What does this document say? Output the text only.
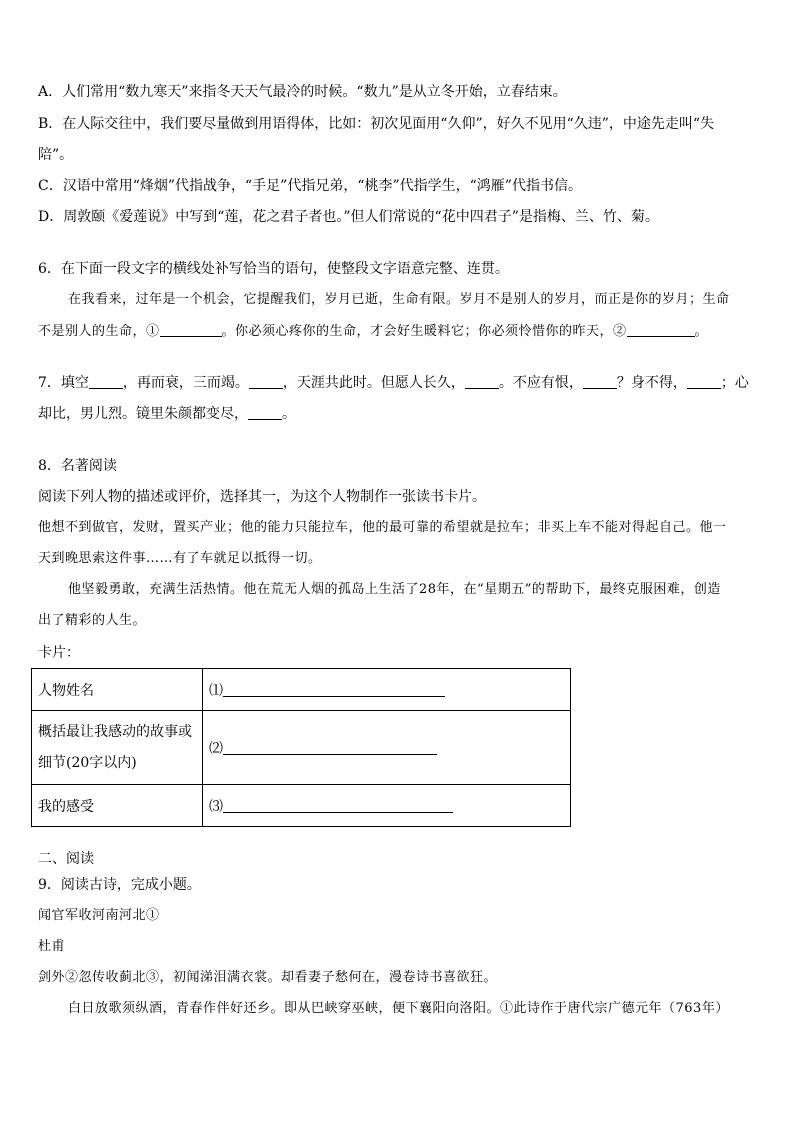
A．人们常用“数九寒天”来指冬天天气最冷的时候。“数九”是从立冬开始，立春结束。
B．在人际交往中，我们要尽量做到用语得体，比如：初次见面用“久仰”，好久不见用“久违”，中途先走叫“失
陪”。
C．汉语中常用“烽烟”代指战争，“手足”代指兄弟，“桃李”代指学生，“鸿雁”代指书信。
D．周敦颐《爱莲说》中写到“莲，花之君子者也。”但人们常说的“花中四君子”是指梅、兰、竹、菊。
6．在下面一段文字的横线处补写恰当的语句，使整段文字语意完整、连贯。
在我看来，过年是一个机会，它提醒我们，岁月已逝，生命有限。岁月不是别人的岁月，而正是你的岁月；生命
不是别人的生命，①	。你必须心疼你的生命，才会好生暖料它；你必须怜惜你的昨天，②	。
7．填空 ，再而衰，三而竭。 ，天涯共此时。但愿人长久， 。不应有恨， ？身不得， ；心
却比，男儿烈。镜里朱颜都变尽， 。
8．名著阅读
阅读下列人物的描述或评价，选择其一，为这个人物制作一张读书卡片。
他想不到做官，发财，置买产业；他的能力只能拉车，他的最可靠的希望就是拉车；非买上车不能对得起自己。他一
天到晚思索这件事……有了车就足以抵得一切。
他坚毅勇敢，充满生活热情。他在荒无人烟的孤岛上生活了28年，在“星期五”的帮助下，最终克服困难，创造
出了精彩的人生。
卡片：
人物姓名	⑴
概括最让我感动的故事或
细节(20字以内)	⑵
我的感受	⑶
二、阅读
9．阅读古诗，完成小题。
闻官军收河南河北①
杜甫
剑外②忽传收蓟北③，初闻涕泪满衣裳。却看妻子愁何在，漫卷诗书喜欲狂。
白日放歌须纵酒，青春作伴好还乡。即从巴峡穿巫峡，便下襄阳向洛阳。①此诗作于唐代宗广德元年（763年）
